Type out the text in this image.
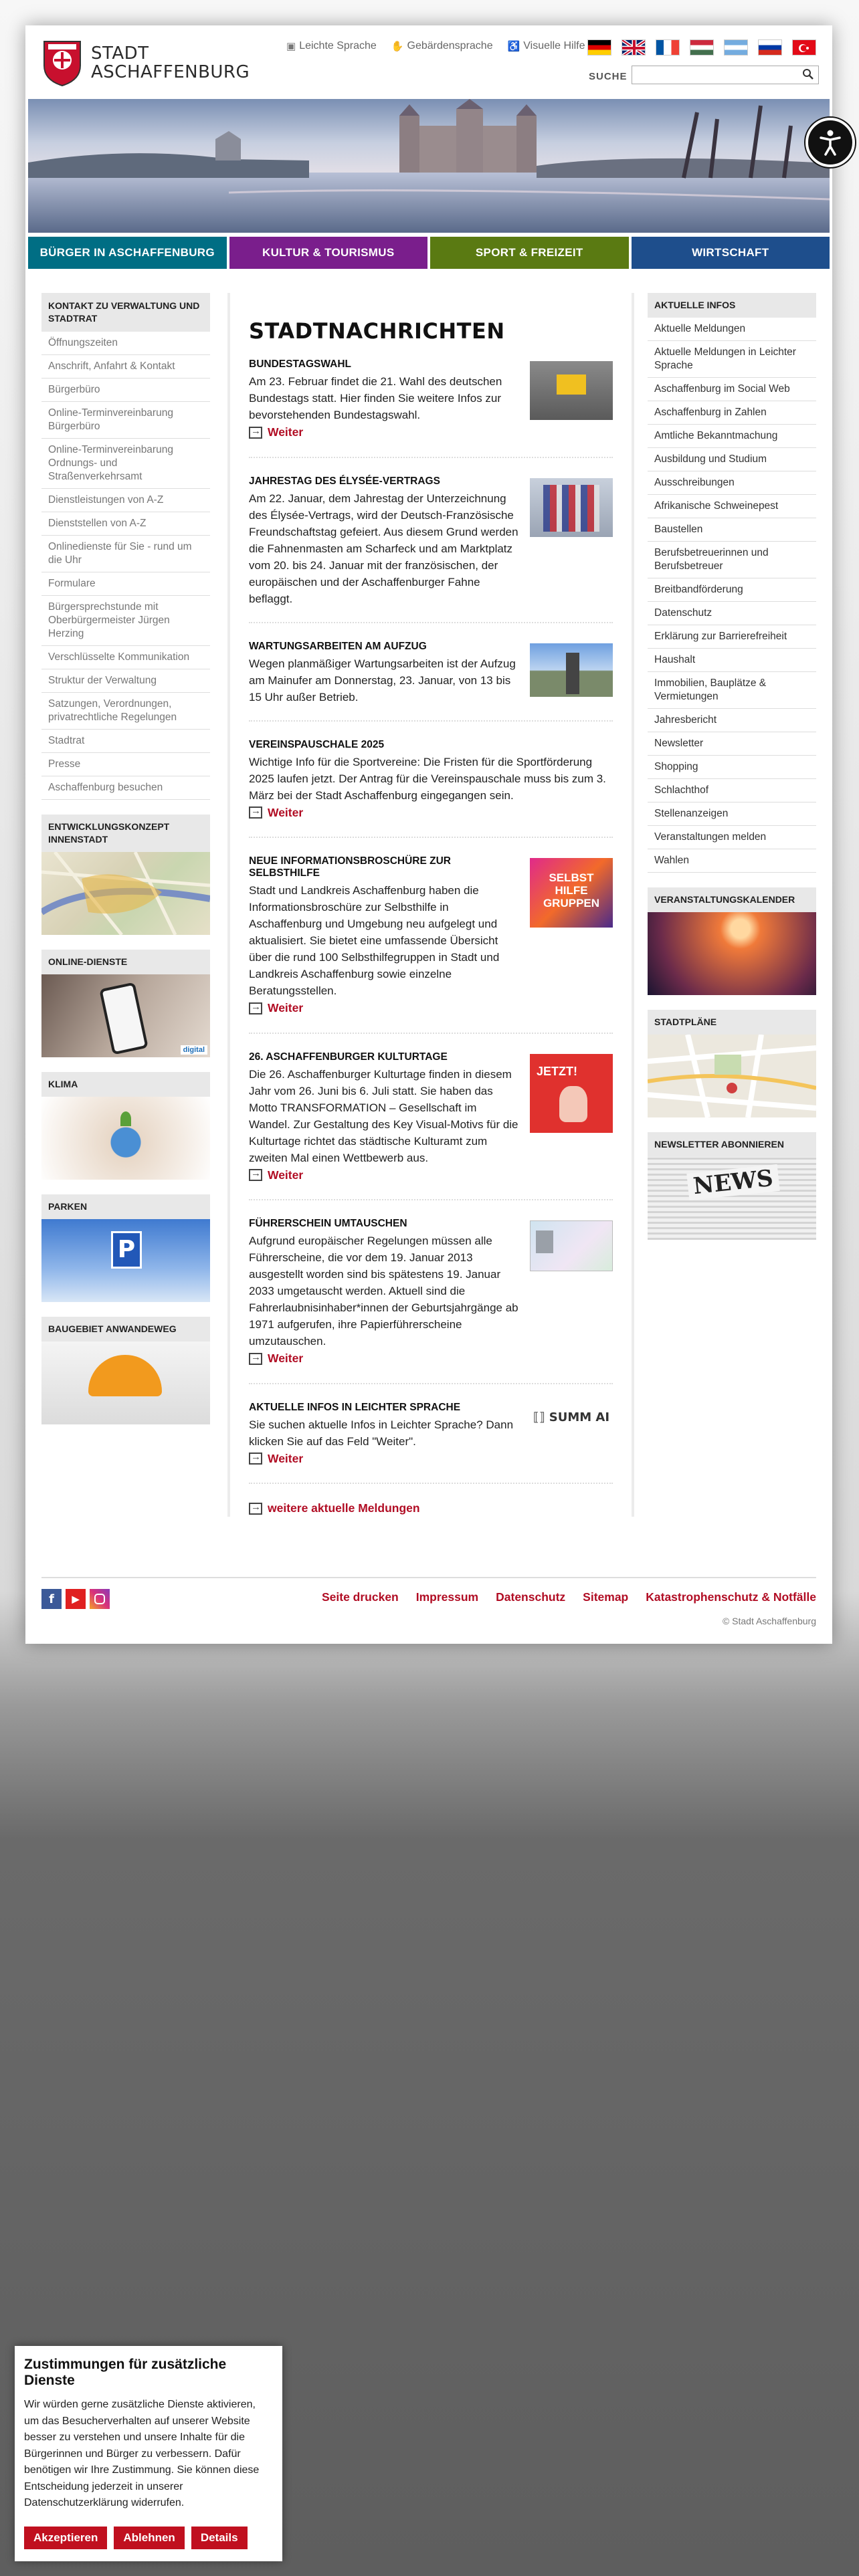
STADT
ASCHAFFENBURG
▣ Leichte Sprache ✋ Gebärdensprache ♿ Visuelle Hilfe
SUCHE
BÜRGER IN ASCHAFFENBURG	KULTUR & TOURISMUS	SPORT & FREIZEIT	WIRTSCHAFT
KONTAKT ZU VERWALTUNG UND STADTRAT
Öffnungszeiten
Anschrift, Anfahrt & Kontakt
Bürgerbüro
Online-Terminvereinbarung Bürgerbüro
Online-Terminvereinbarung Ordnungs- und Straßenverkehrsamt
Dienstleistungen von A-Z
Dienststellen von A-Z
Onlinedienste für Sie - rund um die Uhr
Formulare
Bürgersprechstunde mit Oberbürgermeister Jürgen Herzing
Verschlüsselte Kommunikation
Struktur der Verwaltung
Satzungen, Verordnungen, privatrechtliche Regelungen
Stadtrat
Presse
Aschaffenburg besuchen
ENTWICKLUNGSKONZEPT INNENSTADT
ONLINE-DIENSTE
digital
KLIMA
PARKEN
P
BAUGEBIET ANWANDEWEG
STADTNACHRICHTEN
BUNDESTAGSWAHL

Am 23. Februar findet die 21. Wahl des deutschen Bundestags statt. Hier finden Sie weitere Infos zur bevorstehenden Bundestagswahl.

→
Weiter
JAHRESTAG DES ÉLYSÉE-VERTRAGS

Am 22. Januar, dem Jahrestag der Unterzeichnung des Élysée-Vertrags, wird der Deutsch-Französische Freundschaftstag gefeiert. Aus diesem Grund werden die Fahnenmasten am Scharfeck und am Marktplatz vom 20. bis 24. Januar mit der französischen, der europäischen und der Aschaffenburger Fahne beflaggt.

WARTUNGSARBEITEN AM AUFZUG

Wegen planmäßiger Wartungsarbeiten ist der Aufzug am Mainufer am Donnerstag, 23. Januar, von 13 bis 15 Uhr außer Betrieb.

VEREINSPAUSCHALE 2025

Wichtige Info für die Sportvereine: Die Fristen für die Sportförderung 2025 laufen jetzt. Der Antrag für die Vereinspauschale muss bis zum 3. März bei der Stadt Aschaffenburg eingegangen sein.

→
Weiter
NEUE INFORMATIONSBROSCHÜRE ZUR SELBSTHILFE

Stadt und Landkreis Aschaffenburg haben die Informationsbroschüre zur Selbsthilfe in Aschaffenburg und Umgebung neu aufgelegt und aktualisiert. Sie bietet eine umfassende Übersicht über die rund 100 Selbsthilfegruppen in Stadt und Landkreis Aschaffenburg sowie einzelne Beratungsstellen.

→
Weiter
SELBST HILFE GRUPPEN
26. ASCHAFFENBURGER KULTURTAGE

Die 26. Aschaffenburger Kulturtage finden in diesem Jahr vom 26. Juni bis 6. Juli statt. Sie haben das Motto TRANSFORMATION – Gesellschaft im Wandel. Zur Gestaltung des Key Visual-Motivs für die Kulturtage richtet das städtische Kulturamt zum zweiten Mal einen Wettbewerb aus.

→
Weiter
JETZT!
FÜHRERSCHEIN UMTAUSCHEN

Aufgrund europäischer Regelungen müssen alle Führerscheine, die vor dem 19. Januar 2013 ausgestellt worden sind bis spätestens 19. Januar 2033 umgetauscht werden. Aktuell sind die Fahrerlaubnisinhaber*innen der Geburtsjahrgänge ab 1971 aufgerufen, ihre Papierführerscheine umzutauschen.

→
Weiter
AKTUELLE INFOS IN LEICHTER SPRACHE

Sie suchen aktuelle Infos in Leichter Sprache? Dann klicken Sie auf das Feld "Weiter".

→
Weiter
⟦⟧ SUMM AI
→
weitere aktuelle Meldungen
AKTUELLE INFOS
Aktuelle Meldungen
Aktuelle Meldungen in Leichter Sprache
Aschaffenburg im Social Web
Aschaffenburg in Zahlen
Amtliche Bekanntmachung
Ausbildung und Studium
Ausschreibungen
Afrikanische Schweinepest
Baustellen
Berufsbetreuerinnen und Berufsbetreuer
Breitbandförderung
Datenschutz
Erklärung zur Barrierefreiheit
Haushalt
Immobilien, Bauplätze & Vermietungen
Jahresbericht
Newsletter
Shopping
Schlachthof
Stellenanzeigen
Veranstaltungen melden
Wahlen
VERANSTALTUNGSKALENDER
STADTPLÄNE
NEWSLETTER ABONNIEREN
NEWS
f	▶	Seite drucken Impressum Datenschutz Sitemap Katastrophenschutz & Notfälle
© Stadt Aschaffenburg
Zustimmungen für zusätzliche Dienste

Wir würden gerne zusätzliche Dienste aktivieren, um das Besucherverhalten auf unserer Website besser zu verstehen und unsere Inhalte für die Bürgerinnen und Bürger zu verbessern. Dafür benötigen wir Ihre Zustimmung. Sie können diese Entscheidung jederzeit in unserer Datenschutzerklärung widerrufen.

Akzeptieren	Ablehnen	Details
